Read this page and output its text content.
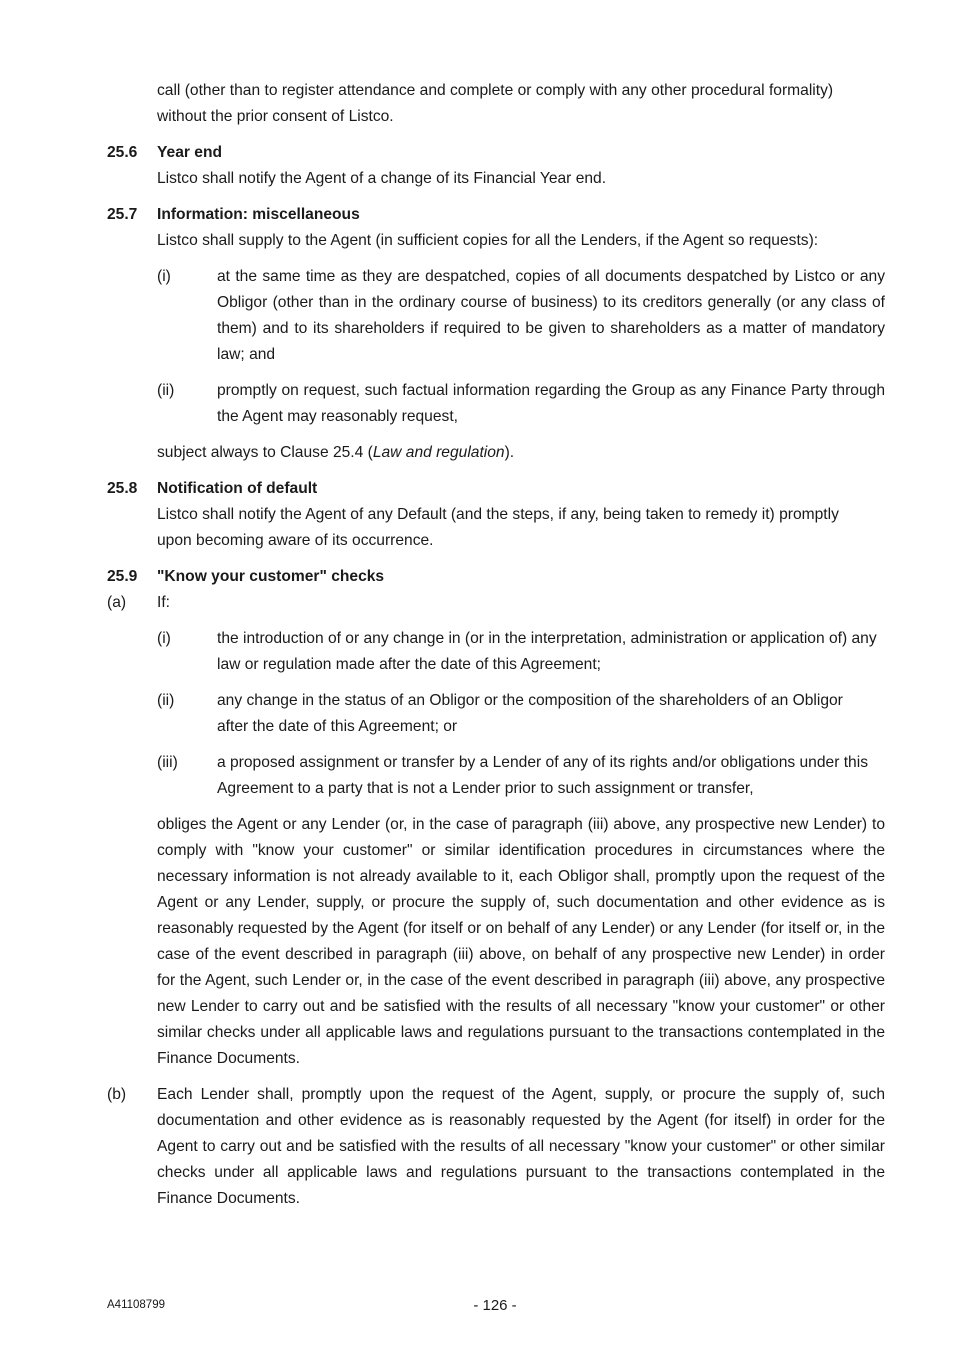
call (other than to register attendance and complete or comply with any other procedural formality) without the prior consent of Listco.

25.6 Year end

Listco shall notify the Agent of a change of its Financial Year end.

25.7 Information: miscellaneous

Listco shall supply to the Agent (in sufficient copies for all the Lenders, if the Agent so requests):

(i)	at the same time as they are despatched, copies of all documents despatched by Listco or any Obligor (other than in the ordinary course of business) to its creditors generally (or any class of them) and to its shareholders if required to be given to shareholders as a matter of mandatory law; and

(ii)	promptly on request, such factual information regarding the Group as any Finance Party through the Agent may reasonably request,

subject always to Clause 25.4 (Law and regulation).

25.8 Notification of default

Listco shall notify the Agent of any Default (and the steps, if any, being taken to remedy it) promptly upon becoming aware of its occurrence.

25.9 "Know your customer" checks
(a) If:
(i)	the introduction of or any change in (or in the interpretation, administration or application of) any law or regulation made after the date of this Agreement;

(ii)	any change in the status of an Obligor or the composition of the shareholders of an Obligor after the date of this Agreement; or

(iii)	a proposed assignment or transfer by a Lender of any of its rights and/or obligations under this Agreement to a party that is not a Lender prior to such assignment or transfer,

obliges the Agent or any Lender (or, in the case of paragraph (iii) above, any prospective new Lender) to comply with "know your customer" or similar identification procedures in circumstances where the necessary information is not already available to it, each Obligor shall, promptly upon the request of the Agent or any Lender, supply, or procure the supply of, such documentation and other evidence as is reasonably requested by the Agent (for itself or on behalf of any Lender) or any Lender (for itself or, in the case of the event described in paragraph (iii) above, on behalf of any prospective new Lender) in order for the Agent, such Lender or, in the case of the event described in paragraph (iii) above, any prospective new Lender to carry out and be satisfied with the results of all necessary "know your customer" or other similar checks under all applicable laws and regulations pursuant to the transactions contemplated in the Finance Documents.

(b) Each Lender shall, promptly upon the request of the Agent, supply, or procure the supply of, such documentation and other evidence as is reasonably requested by the Agent (for itself) in order for the Agent to carry out and be satisfied with the results of all necessary "know your customer" or other similar checks under all applicable laws and regulations pursuant to the transactions contemplated in the Finance Documents.

A41108799	- 126 -
